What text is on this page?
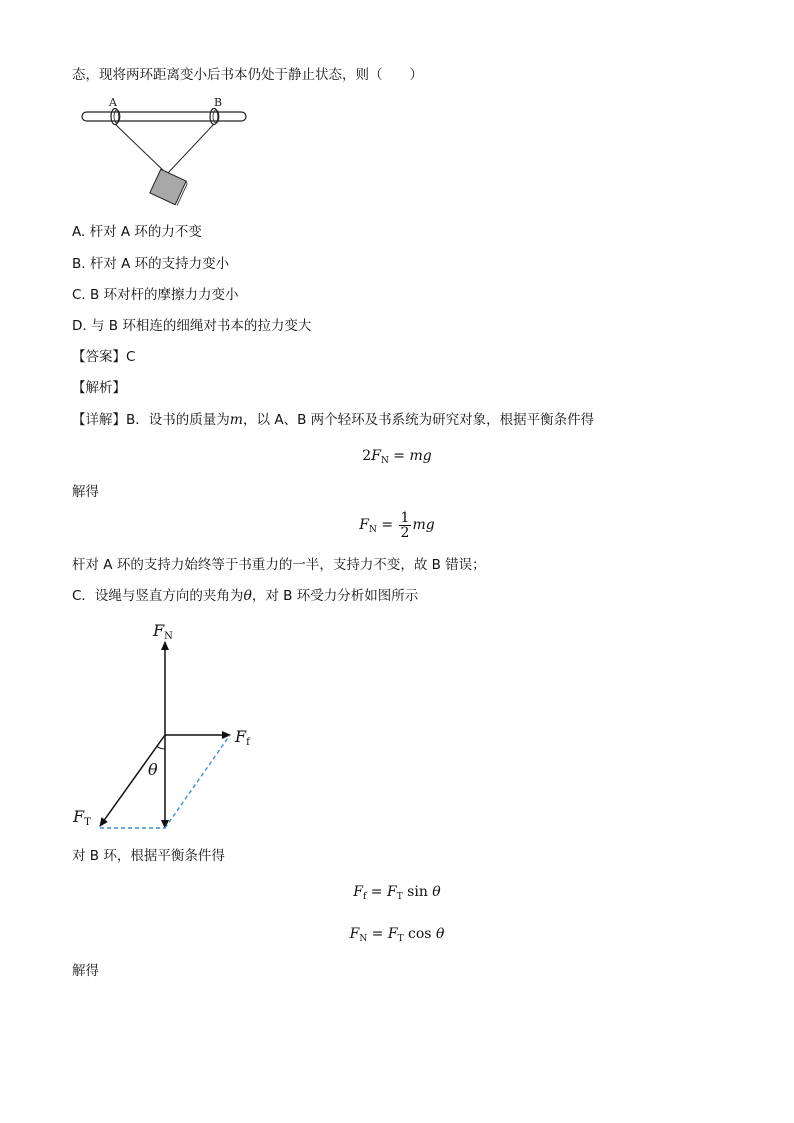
态，现将两环距离变小后书本仍处于静止状态，则（　　）
A	B
A. 杆对 A 环的力不变
B. 杆对 A 环的支持力变小
C. B 环对杆的摩擦力力变小
D. 与 B 环相连的细绳对书本的拉力变大
【答案】C
【解析】
【详解】B．设书的质量为m，以 A、B 两个轻环及书系统为研究对象，根据平衡条件得
$2F_N$ = mg
解得
$F_N = \frac{1}{2}$ mg
杆对 A 环的支持力始终等于书重力的一半，支持力不变，故 B 错误；
C．设绳与竖直方向的夹角为θ，对 B 环受力分析如图所示
FN
Ff
FT
θ
对 B 环，根据平衡条件得
$F_f = F_T$ sin θ
$F_N = F_T$ cos θ
解得
